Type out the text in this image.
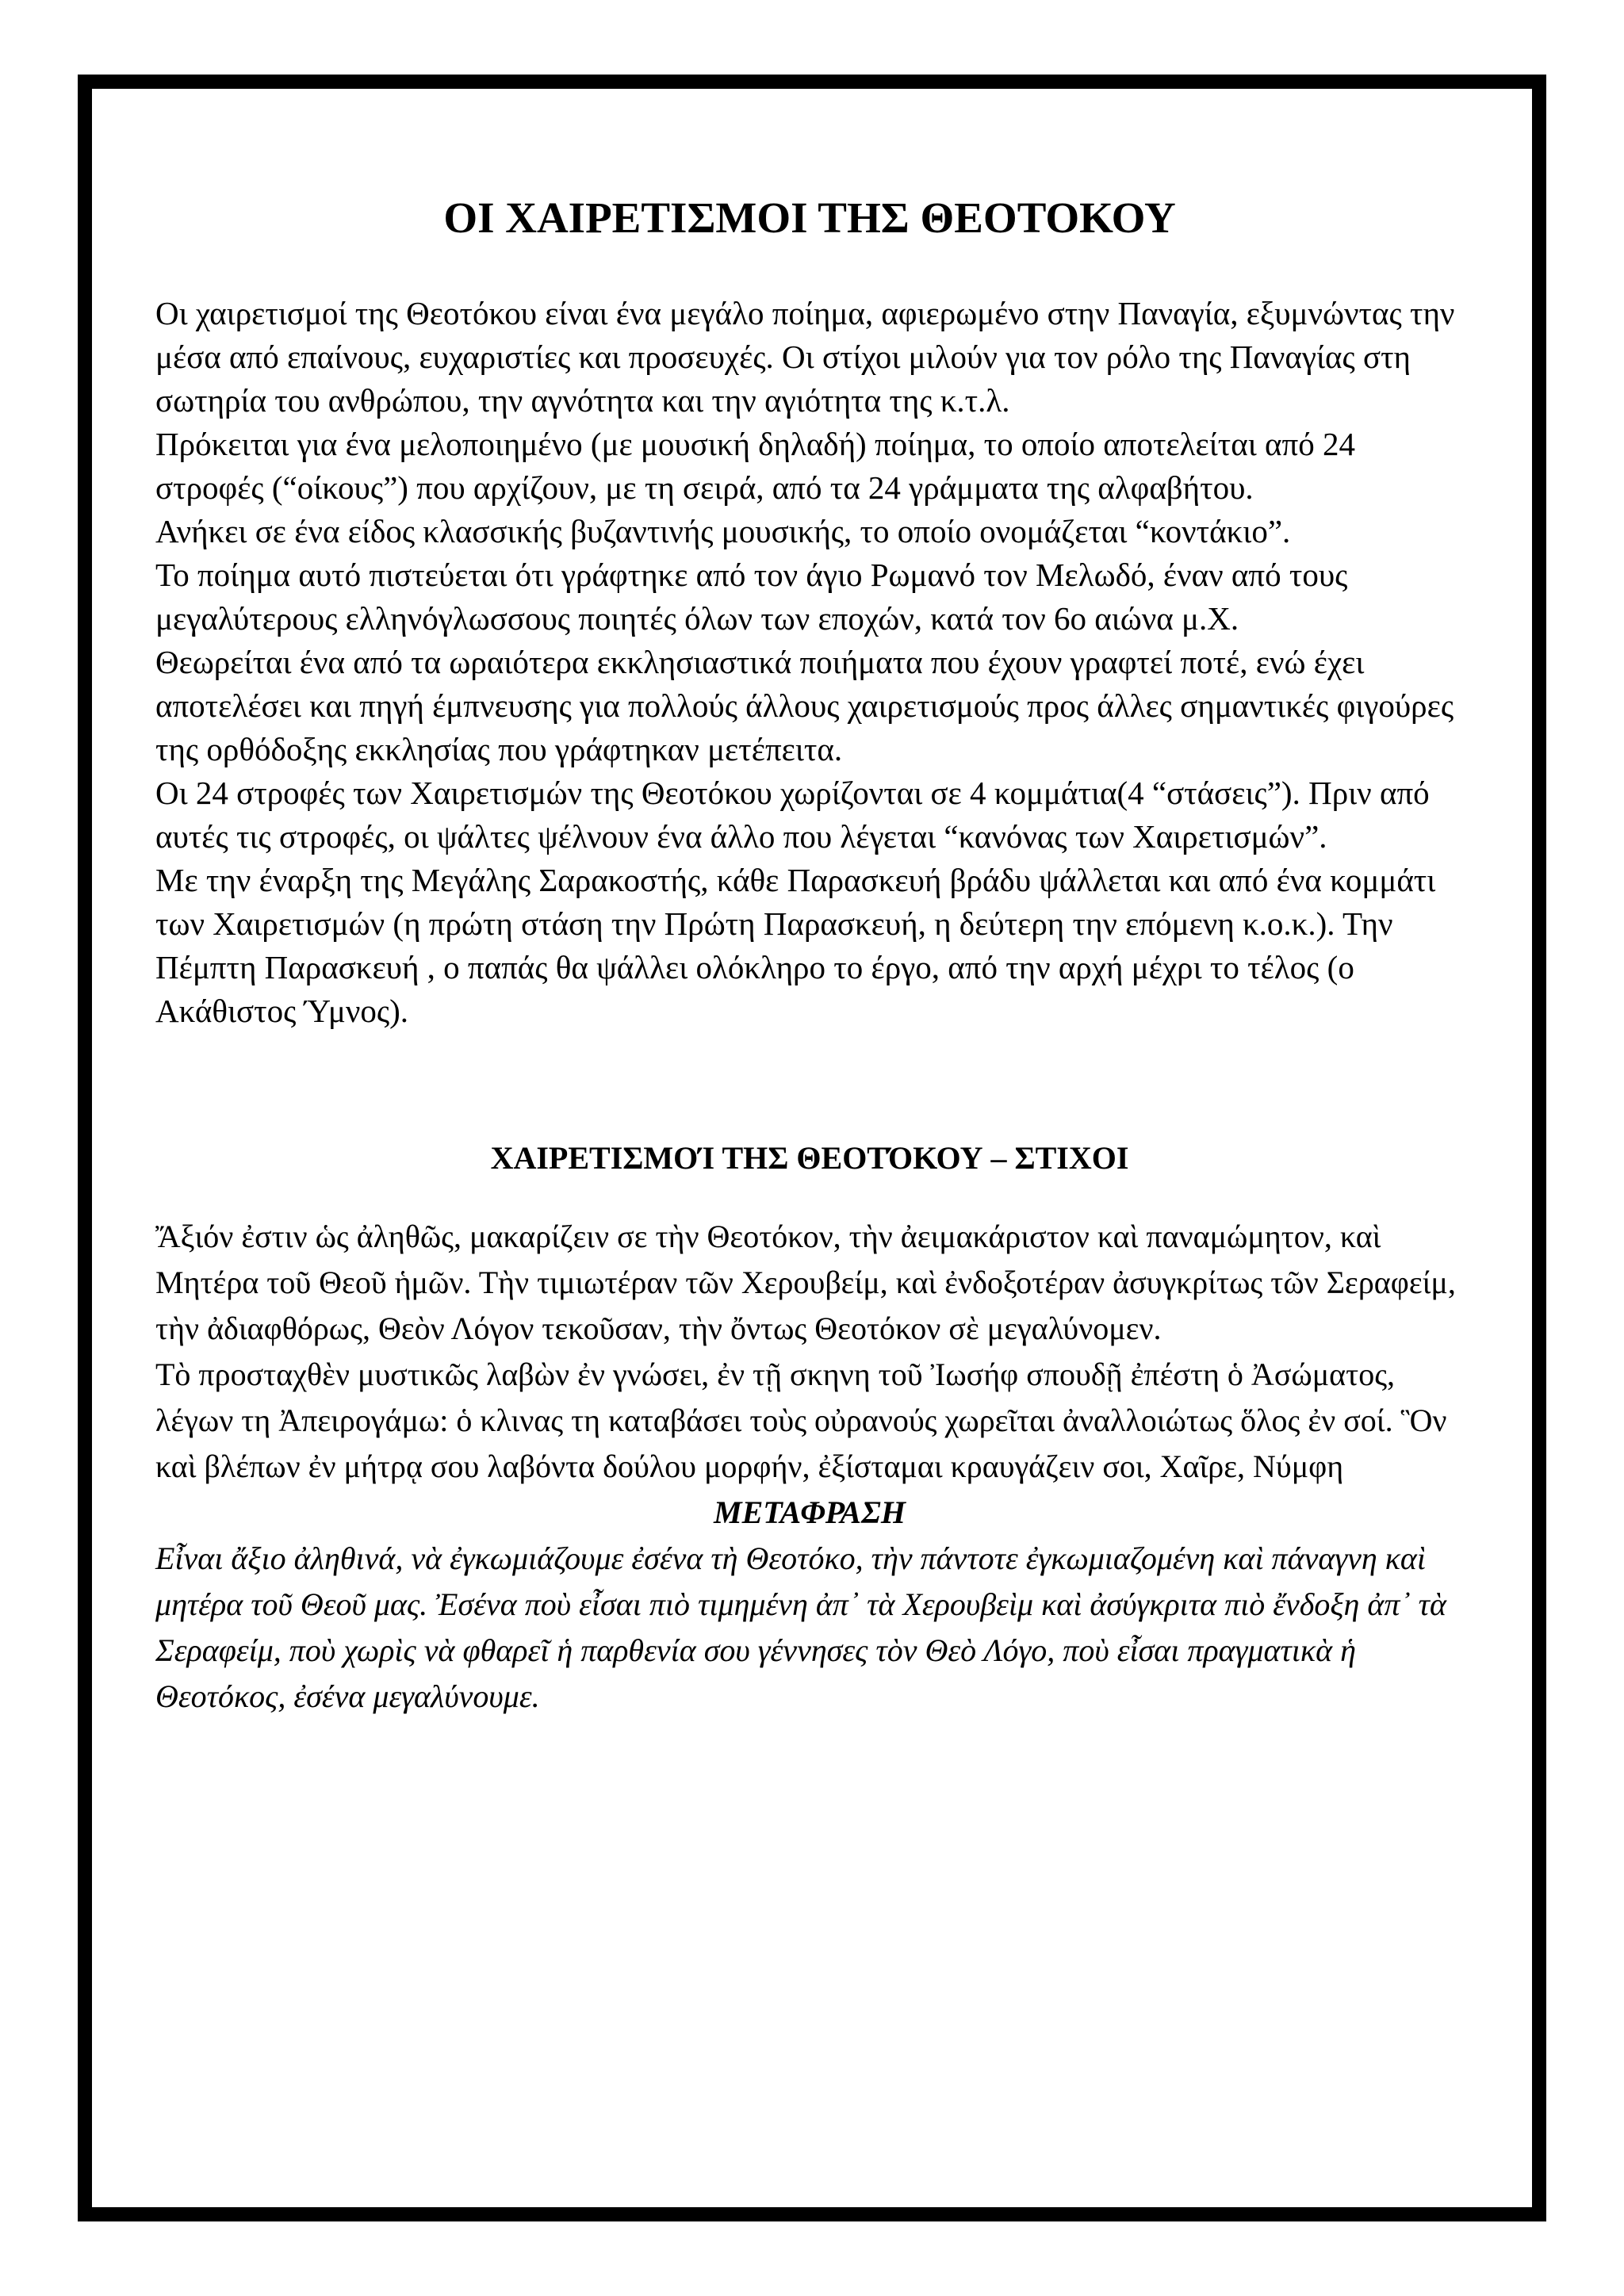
ΟΙ ΧΑΙΡΕΤΙΣΜΟΙ ΤΗΣ ΘΕΟΤΟΚΟΥ

Οι χαιρετισμοί της Θεοτόκου είναι ένα μεγάλο ποίημα, αφιερωμένο στην Παναγία, εξυμνώντας την μέσα από επαίνους, ευχαριστίες και προσευχές. Οι στίχοι μιλούν για τον ρόλο της Παναγίας στη σωτηρία του ανθρώπου, την αγνότητα και την αγιότητα της κ.τ.λ.

Πρόκειται για ένα μελοποιημένο (με μουσική δηλαδή) ποίημα, το οποίο αποτελείται από 24 στροφές (“οίκους”) που αρχίζουν, με τη σειρά, από τα 24 γράμματα της αλφαβήτου.

Ανήκει σε ένα είδος κλασσικής βυζαντινής μουσικής, το οποίο ονομάζεται “κοντάκιο”.

Το ποίημα αυτό πιστεύεται ότι γράφτηκε από τον άγιο Ρωμανό τον Μελωδό, έναν από τους μεγαλύτερους ελληνόγλωσσους ποιητές όλων των εποχών, κατά τον 6ο αιώνα μ.Χ.

Θεωρείται ένα από τα ωραιότερα εκκλησιαστικά ποιήματα που έχουν γραφτεί ποτέ, ενώ έχει αποτελέσει και πηγή έμπνευσης για πολλούς άλλους χαιρετισμούς προς άλλες σημαντικές φιγούρες της ορθόδοξης εκκλησίας που γράφτηκαν μετέπειτα.

Οι 24 στροφές των Χαιρετισμών της Θεοτόκου χωρίζονται σε 4 κομμάτια(4 “στάσεις”). Πριν από αυτές τις στροφές, οι ψάλτες ψέλνουν ένα άλλο που λέγεται “κανόνας των Χαιρετισμών”.

Με την έναρξη της Μεγάλης Σαρακοστής, κάθε Παρασκευή βράδυ ψάλλεται και από ένα κομμάτι των Χαιρετισμών (η πρώτη στάση την Πρώτη Παρασκευή, η δεύτερη την επόμενη κ.ο.κ.). Την Πέμπτη Παρασκευή , ο παπάς θα ψάλλει ολόκληρο το έργο, από την αρχή μέχρι το τέλος (ο Ακάθιστος Ύμνος).

ΧΑΙΡΕΤΙΣΜΟΊ ΤΗΣ ΘΕΟΤΌΚΟΥ – ΣΤΙΧΟΙ

Ἄξιόν ἐστιν ὡς ἀληθῶς, μακαρίζειν σε τὴν Θεοτόκον, τὴν ἀειμακάριστον καὶ παναμώμητον, καὶ Μητέρα τοῦ Θεοῦ ἡμῶν. Τὴν τιμιωτέραν τῶν Χερουβείμ, καὶ ἐνδοξοτέραν ἀσυγκρίτως τῶν Σεραφείμ, τὴν ἀδιαφθόρως, Θεὸν Λόγον τεκοῦσαν, τὴν ὄντως Θεοτόκον σὲ μεγαλύνομεν.

Τὸ προσταχθὲν μυστικῶς λαβὼν ἐν γνώσει, ἐν τῇ σκηνη τοῦ Ἰωσήφ σπουδῇ ἐπέστη ὁ Ἀσώματος, λέγων τη Ἀπειρογάμω: ὁ κλινας τη καταβάσει τοὺς οὐρανούς χωρεῖται ἀναλλοιώτως ὅλος ἐν σοί. Ὃν καὶ βλέπων ἐν μήτρᾳ σου λαβόντα δούλου μορφήν, ἐξίσταμαι κραυγάζειν σοι, Χαῖρε, Νύμφη

ΜΕΤΑΦΡΑΣΗ

Εἶναι ἄξιο ἀληθινά, νὰ ἐγκωμιάζουμε ἐσένα τὴ Θεοτόκο, τὴν πάντοτε ἐγκωμιαζομένη καὶ πάναγνη καὶ μητέρα τοῦ Θεοῦ μας. Ἐσένα ποὺ εἶσαι πιὸ τιμημένη ἀπ᾽ τὰ Χερουβεὶμ καὶ ἀσύγκριτα πιὸ ἔνδοξη ἀπ᾽ τὰ Σεραφείμ, ποὺ χωρὶς νὰ φθαρεῖ ἡ παρθενία σου γέννησες τὸν Θεὸ Λόγο, ποὺ εἶσαι πραγματικὰ ἡ Θεοτόκος, ἐσένα μεγαλύνουμε.
